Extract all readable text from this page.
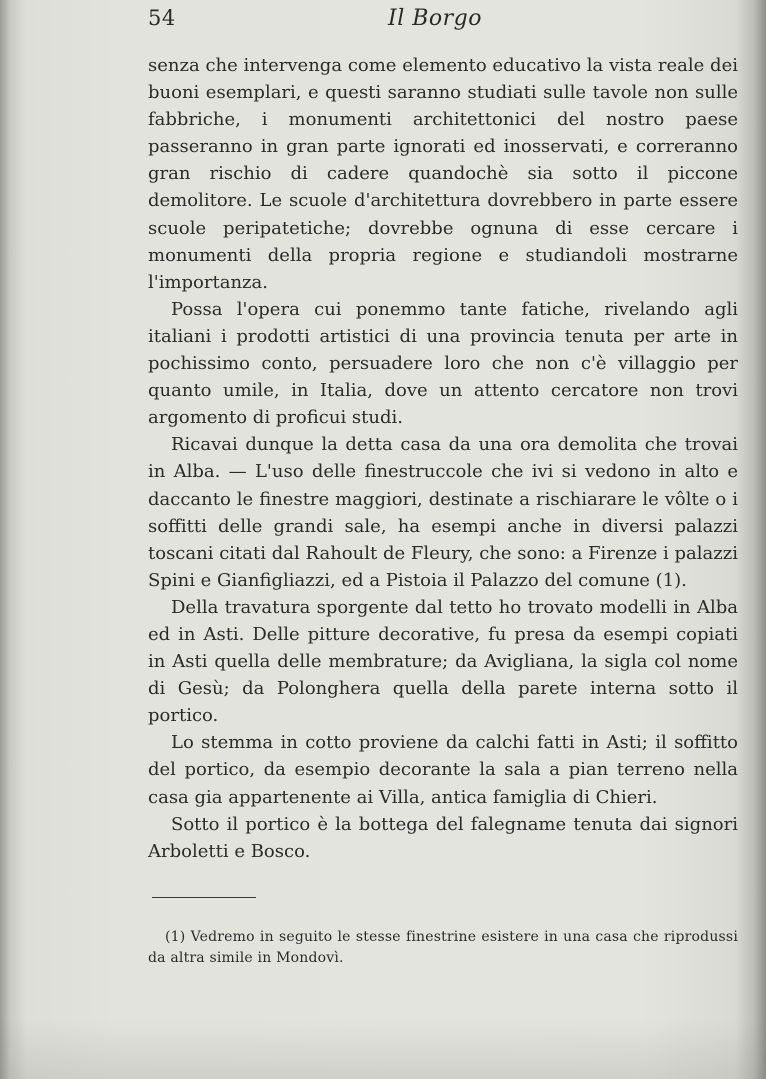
54	Il Borgo

senza che intervenga come elemento educativo la vista reale dei buoni esemplari, e questi saranno studiati sulle tavole non sulle fabbriche, i monumenti architettonici del nostro paese passeranno in gran parte ignorati ed inosservati, e correranno gran rischio di cadere quandochè sia sotto il piccone demolitore. Le scuole d'architettura dovrebbero in parte essere scuole peripatetiche; dovrebbe ognuna di esse cercare i monumenti della propria regione e studiandoli mostrarne l'importanza.

Possa l'opera cui ponemmo tante fatiche, rivelando agli italiani i prodotti artistici di una provincia tenuta per arte in pochissimo conto, persuadere loro che non c'è villaggio per quanto umile, in Italia, dove un attento cercatore non trovi argomento di proficui studi.

Ricavai dunque la detta casa da una ora demolita che trovai in Alba. — L'uso delle finestruccole che ivi si vedono in alto e daccanto le finestre maggiori, destinate a rischiarare le vôlte o i soffitti delle grandi sale, ha esempi anche in diversi palazzi toscani citati dal Rahoult de Fleury, che sono: a Firenze i palazzi Spini e Gianfigliazzi, ed a Pistoia il Palazzo del comune (1).

Della travatura sporgente dal tetto ho trovato modelli in Alba ed in Asti. Delle pitture decorative, fu presa da esempi copiati in Asti quella delle membrature; da Avigliana, la sigla col nome di Gesù; da Polonghera quella della parete interna sotto il portico.

Lo stemma in cotto proviene da calchi fatti in Asti; il soffitto del portico, da esempio decorante la sala a pian terreno nella casa gia appartenente ai Villa, antica famiglia di Chieri.

Sotto il portico è la bottega del falegname tenuta dai signori Arboletti e Bosco.

(1) Vedremo in seguito le stesse finestrine esistere in una casa che riprodussi da altra simile in Mondovì.
